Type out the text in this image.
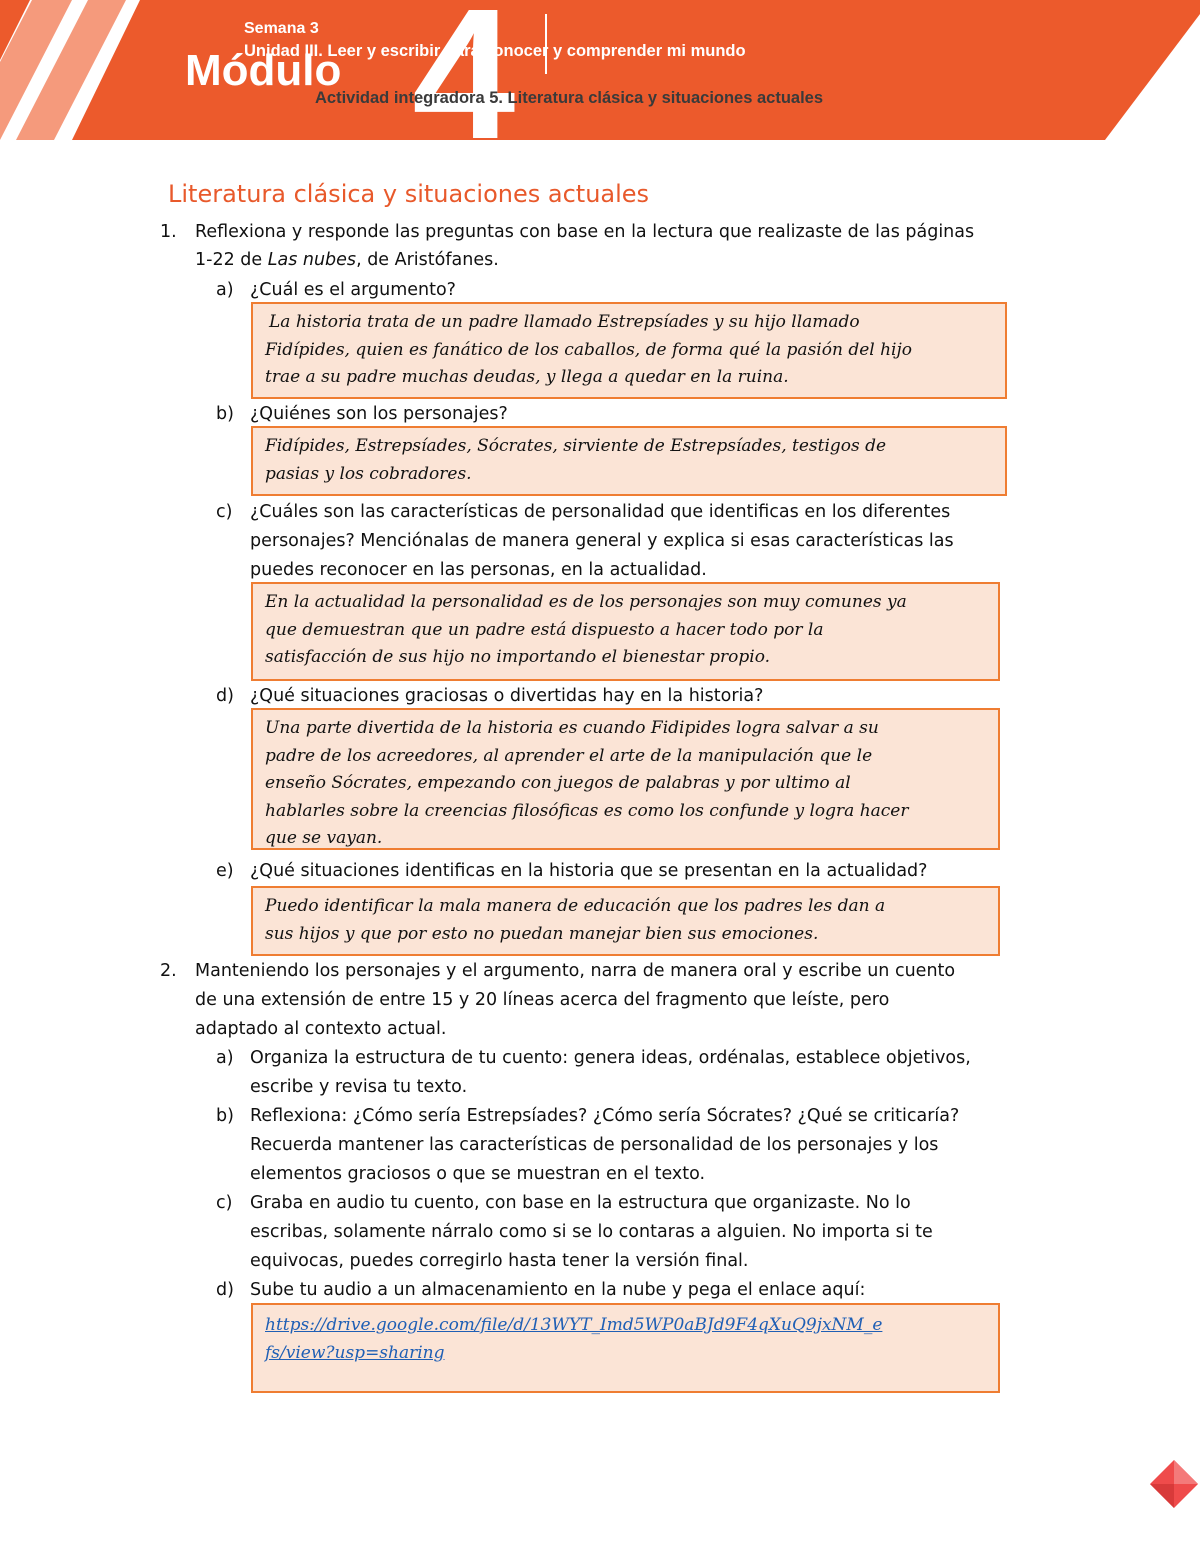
4
Módulo
Semana 3
Unidad III. Leer y escribir para conocer y comprender mi mundo
Actividad integradora 5. Literatura clásica y situaciones actuales
Literatura clásica y situaciones actuales
1. Reflexiona y responde las preguntas con base en la lectura que realizaste de las páginas
1-22 de Las nubes, de Aristófanes.
a) ¿Cuál es el argumento?
La historia trata de un padre llamado Estrepsíades y su hijo llamado
Fidípides, quien es fanático de los caballos, de forma qué la pasión del hijo
trae a su padre muchas deudas, y llega a quedar en la ruina.
b) ¿Quiénes son los personajes?
Fidípides, Estrepsíades, Sócrates, sirviente de Estrepsíades, testigos de
pasias y los cobradores.
c) ¿Cuáles son las características de personalidad que identificas en los diferentes
personajes? Menciónalas de manera general y explica si esas características las
puedes reconocer en las personas, en la actualidad.
En la actualidad la personalidad es de los personajes son muy comunes ya
que demuestran que un padre está dispuesto a hacer todo por la
satisfacción de sus hijo no importando el bienestar propio.
d) ¿Qué situaciones graciosas o divertidas hay en la historia?
Una parte divertida de la historia es cuando Fidipides logra salvar a su
padre de los acreedores, al aprender el arte de la manipulación que le
enseño Sócrates, empezando con juegos de palabras y por ultimo al
hablarles sobre la creencias filosóficas es como los confunde y logra hacer
que se vayan.
e) ¿Qué situaciones identificas en la historia que se presentan en la actualidad?
Puedo identificar la mala manera de educación que los padres les dan a
sus hijos y que por esto no puedan manejar bien sus emociones.
2. Manteniendo los personajes y el argumento, narra de manera oral y escribe un cuento
de una extensión de entre 15 y 20 líneas acerca del fragmento que leíste, pero
adaptado al contexto actual.
a) Organiza la estructura de tu cuento: genera ideas, ordénalas, establece objetivos,
escribe y revisa tu texto.
b) Reflexiona: ¿Cómo sería Estrepsíades? ¿Cómo sería Sócrates? ¿Qué se criticaría?
Recuerda mantener las características de personalidad de los personajes y los
elementos graciosos o que se muestran en el texto.
c) Graba en audio tu cuento, con base en la estructura que organizaste. No lo
escribas, solamente nárralo como si se lo contaras a alguien. No importa si te
equivocas, puedes corregirlo hasta tener la versión final.
d) Sube tu audio a un almacenamiento en la nube y pega el enlace aquí:
https://drive.google.com/file/d/13WYT_Imd5WP0aBJd9F4qXuQ9jxNM_e
fs/view?usp=sharing
